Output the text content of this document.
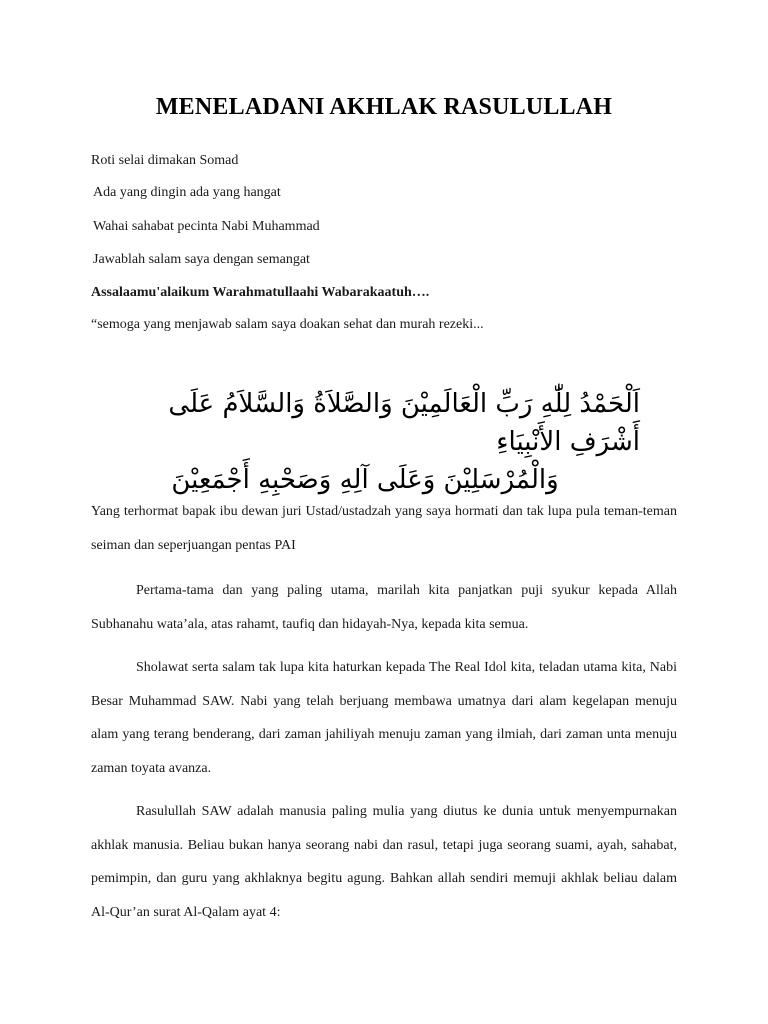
MENELADANI AKHLAK RASULULLAH

Roti selai dimakan Somad

Ada yang dingin ada yang hangat

Wahai sahabat pecinta Nabi Muhammad

Jawablah salam saya dengan semangat

Assalaamu'alaikum Warahmatullaahi Wabarakaatuh….

“semoga yang menjawab salam saya doakan sehat dan murah rezeki...

اَلْحَمْدُ لِلّٰهِ رَبِّ الْعَالَمِيْنَ وَالصَّلاَةُ وَالسَّلاَمُ عَلَى أَشْرَفِ الأَنْبِيَاءِ
وَالْمُرْسَلِيْنَ وَعَلَى آلِهِ وَصَحْبِهِ أَجْمَعِيْنَ

Yang terhormat bapak ibu dewan juri Ustad/ustadzah yang saya hormati dan tak lupa pula teman-teman seiman dan seperjuangan pentas PAI

Pertama-tama dan yang paling utama, marilah kita panjatkan puji syukur kepada Allah Subhanahu wata’ala, atas rahamt, taufiq dan hidayah-Nya, kepada kita semua.

Sholawat serta salam tak lupa kita haturkan kepada The Real Idol kita, teladan utama kita, Nabi Besar Muhammad SAW. Nabi yang telah berjuang membawa umatnya dari alam kegelapan menuju alam yang terang benderang, dari zaman jahiliyah menuju zaman yang ilmiah, dari zaman unta menuju zaman toyata avanza.

Rasulullah SAW adalah manusia paling mulia yang diutus ke dunia untuk menyempurnakan akhlak manusia. Beliau bukan hanya seorang nabi dan rasul, tetapi juga seorang suami, ayah, sahabat, pemimpin, dan guru yang akhlaknya begitu agung. Bahkan allah sendiri memuji akhlak beliau dalam Al-Qur’an surat Al-Qalam ayat 4:
